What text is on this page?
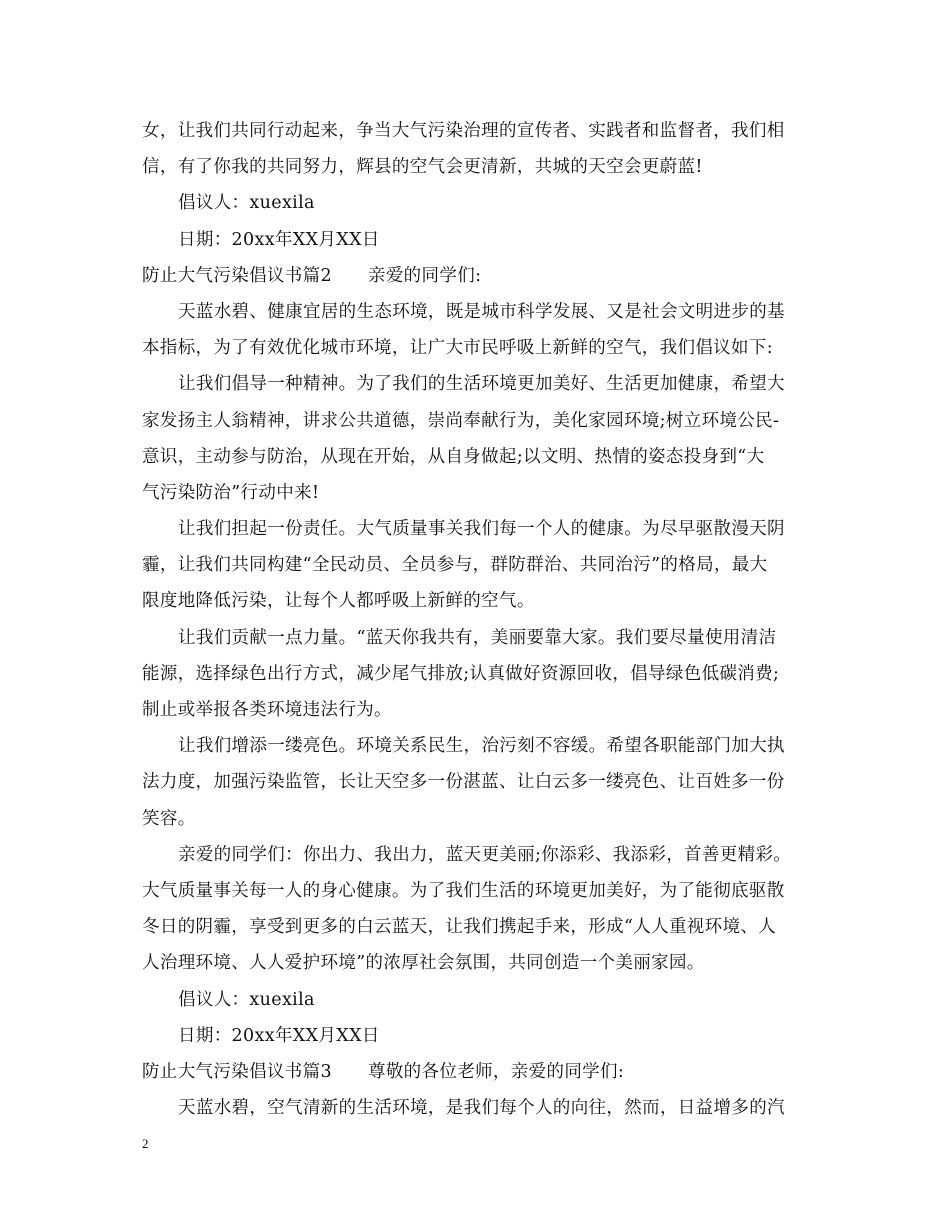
女，让我们共同行动起来，争当大气污染治理的宣传者、实践者和监督者，我们相
信，有了你我的共同努力，辉县的空气会更清新，共城的天空会更蔚蓝!
倡议人：xuexila
日期：20xx年XX月XX日
防止大气污染倡议书篇2 亲爱的同学们:
天蓝水碧、健康宜居的生态环境，既是城市科学发展、又是社会文明进步的基
本指标，为了有效优化城市环境，让广大市民呼吸上新鲜的空气，我们倡议如下:
让我们倡导一种精神。为了我们的生活环境更加美好、生活更加健康，希望大
家发扬主人翁精神，讲求公共道德，崇尚奉献行为，美化家园环境;树立环境公民-
意识，主动参与防治，从现在开始，从自身做起;以文明、热情的姿态投身到“大
气污染防治”行动中来!
让我们担起一份责任。大气质量事关我们每一个人的健康。为尽早驱散漫天阴
霾，让我们共同构建“全民动员、全员参与，群防群治、共同治污”的格局，最大
限度地降低污染，让每个人都呼吸上新鲜的空气。
让我们贡献一点力量。“蓝天你我共有，美丽要靠大家。我们要尽量使用清洁
能源，选择绿色出行方式，减少尾气排放;认真做好资源回收，倡导绿色低碳消费;
制止或举报各类环境违法行为。
让我们增添一缕亮色。环境关系民生，治污刻不容缓。希望各职能部门加大执
法力度，加强污染监管，长让天空多一份湛蓝、让白云多一缕亮色、让百姓多一份
笑容。
亲爱的同学们：你出力、我出力，蓝天更美丽;你添彩、我添彩，首善更精彩。
大气质量事关每一人的身心健康。为了我们生活的环境更加美好，为了能彻底驱散
冬日的阴霾，享受到更多的白云蓝天，让我们携起手来，形成“人人重视环境、人
人治理环境、人人爱护环境”的浓厚社会氛围，共同创造一个美丽家园。
倡议人：xuexila
日期：20xx年XX月XX日
防止大气污染倡议书篇3 尊敬的各位老师，亲爱的同学们:
天蓝水碧，空气清新的生活环境，是我们每个人的向往，然而，日益增多的汽
2
